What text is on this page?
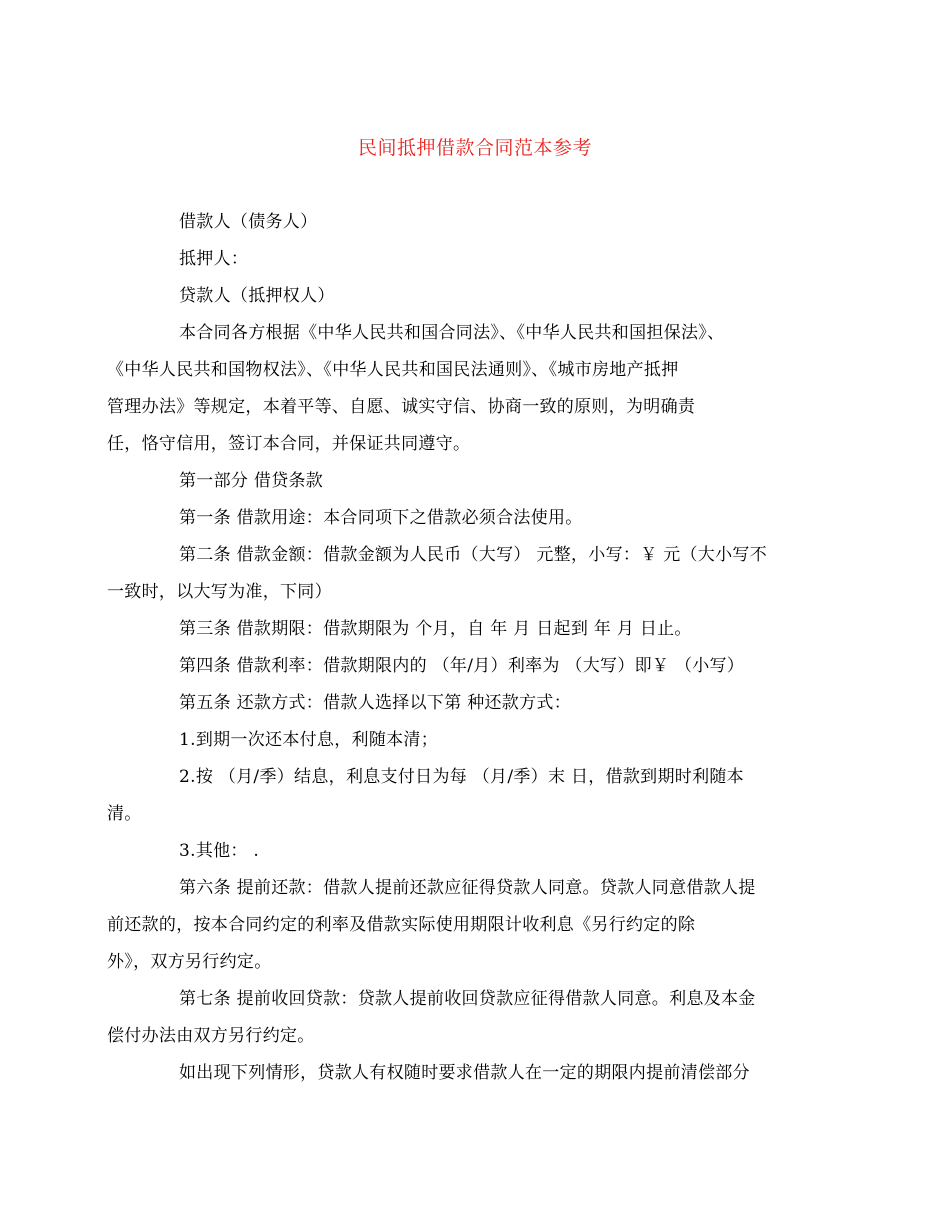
民间抵押借款合同范本参考

借款人（债务人）

抵押人：

贷款人（抵押权人）

本合同各方根据《中华人民共和国合同法》、《中华人民共和国担保法》、
《中华人民共和国物权法》、《中华人民共和国民法通则》、《城市房地产抵押
管理办法》等规定，本着平等、自愿、诚实守信、协商一致的原则，为明确责
任，恪守信用，签订本合同，并保证共同遵守。

第一部分 借贷条款

第一条 借款用途：本合同项下之借款必须合法使用。

第二条 借款金额：借款金额为人民币（大写） 元整，小写：￥ 元（大小写不
一致时，以大写为准，下同）

第三条 借款期限：借款期限为 个月，自 年 月 日起到 年 月 日止。

第四条 借款利率：借款期限内的 （年/月）利率为 （大写）即￥ （小写）

第五条 还款方式：借款人选择以下第 种还款方式：

1.到期一次还本付息，利随本清；

2.按 （月/季）结息，利息支付日为每 （月/季）末 日，借款到期时利随本
清。

3.其他： .

第六条 提前还款：借款人提前还款应征得贷款人同意。贷款人同意借款人提
前还款的，按本合同约定的利率及借款实际使用期限计收利息《另行约定的除
外》，双方另行约定。

第七条 提前收回贷款：贷款人提前收回贷款应征得借款人同意。利息及本金
偿付办法由双方另行约定。

如出现下列情形，贷款人有权随时要求借款人在一定的期限内提前清偿部分
